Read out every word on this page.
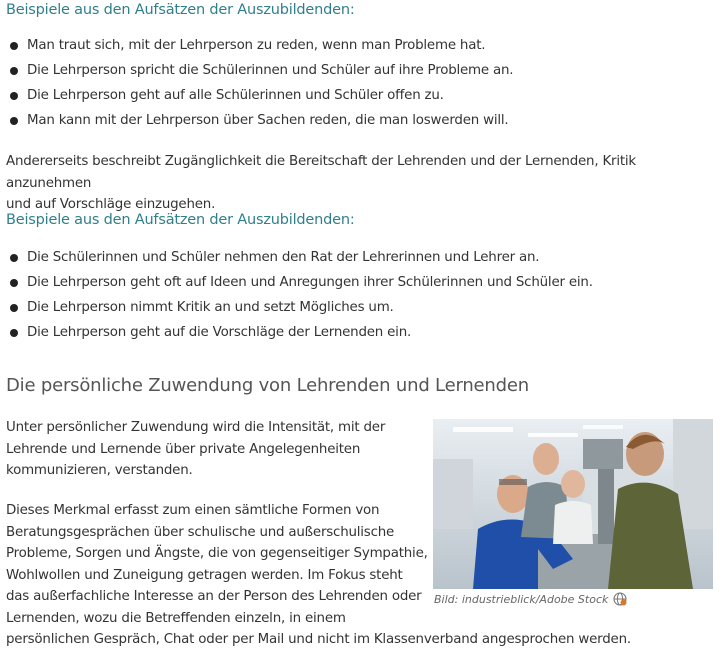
Beispiele aus den Aufsätzen der Auszubildenden:
Man traut sich, mit der Lehrperson zu reden, wenn man Probleme hat.
Die Lehrperson spricht die Schülerinnen und Schüler auf ihre Probleme an.
Die Lehrperson geht auf alle Schülerinnen und Schüler offen zu.
Man kann mit der Lehrperson über Sachen reden, die man loswerden will.

Andererseits beschreibt Zugänglichkeit die Bereitschaft der Lehrenden und der Lernenden, Kritik anzunehmen
und auf Vorschläge einzugehen.

Beispiele aus den Aufsätzen der Auszubildenden:
Die Schülerinnen und Schüler nehmen den Rat der Lehrerinnen und Lehrer an.
Die Lehrperson geht oft auf Ideen und Anregungen ihrer Schülerinnen und Schüler ein.
Die Lehrperson nimmt Kritik an und setzt Mögliches um.
Die Lehrperson geht auf die Vorschläge der Lernenden ein.
Die persönliche Zuwendung von Lehrenden und Lernenden

Unter persönlicher Zuwendung wird die Intensität, mit der
Lehrende und Lernende über private Angelegenheiten
kommunizieren, verstanden.

Dieses Merkmal erfasst zum einen sämtliche Formen von
Beratungsgesprächen über schulische und außerschulische
Probleme, Sorgen und Ängste, die von gegenseitiger Sympathie,
Wohlwollen und Zuneigung getragen werden. Im Fokus steht
das außerfachliche Interesse an der Person des Lehrenden oder
Lernenden, wozu die Betreffenden einzeln, in einem
persönlichen Gespräch, Chat oder per Mail und nicht im Klassenverband angesprochen werden.

Bild: industrieblick/Adobe Stock
